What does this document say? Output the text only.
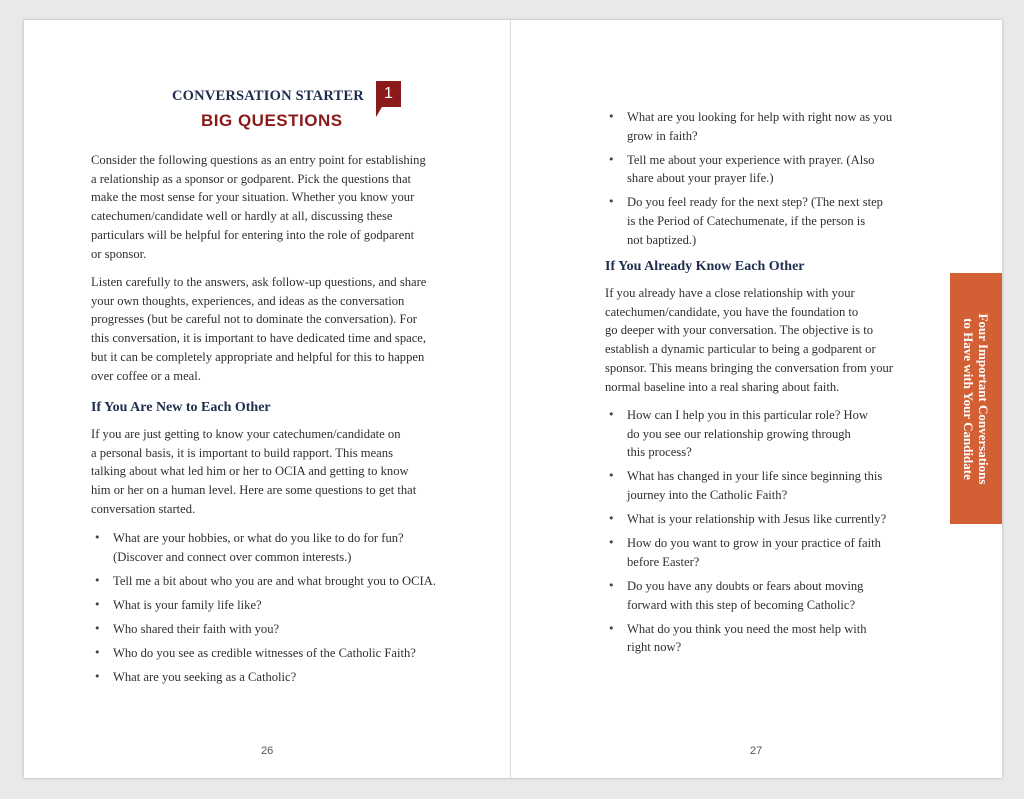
CONVERSATION STARTER	1
BIG QUESTIONS

Consider the following questions as an entry point for establishing
a relationship as a sponsor or godparent. Pick the questions that
make the most sense for your situation. Whether you know your
catechumen/candidate well or hardly at all, discussing these
particulars will be helpful for entering into the role of godparent
or sponsor.

Listen carefully to the answers, ask follow-up questions, and share
your own thoughts, experiences, and ideas as the conversation
progresses (but be careful not to dominate the conversation). For
this conversation, it is important to have dedicated time and space,
but it can be completely appropriate and helpful for this to happen
over coffee or a meal.

If You Are New to Each Other

If you are just getting to know your catechumen/candidate on
a personal basis, it is important to build rapport. This means
talking about what led him or her to OCIA and getting to know
him or her on a human level. Here are some questions to get that
conversation started.

• What are your hobbies, or what do you like to do for fun?
(Discover and connect over common interests.)
• Tell me a bit about who you are and what brought you to OCIA.
• What is your family life like?
• Who shared their faith with you?
• Who do you see as credible witnesses of the Catholic Faith?
• What are you seeking as a Catholic?
26
• What are you looking for help with right now as you
grow in faith?
• Tell me about your experience with prayer. (Also
share about your prayer life.)
• Do you feel ready for the next step? (The next step
is the Period of Catechumenate, if the person is
not baptized.)
If You Already Know Each Other

If you already have a close relationship with your
catechumen/candidate, you have the foundation to
go deeper with your conversation. The objective is to
establish a dynamic particular to being a godparent or
sponsor. This means bringing the conversation from your
normal baseline into a real sharing about faith.

• How can I help you in this particular role? How
do you see our relationship growing through
this process?
• What has changed in your life since beginning this
journey into the Catholic Faith?
• What is your relationship with Jesus like currently?
• How do you want to grow in your practice of faith
before Easter?
• Do you have any doubts or fears about moving
forward with this step of becoming Catholic?
• What do you think you need the most help with
right now?
27
Four Important Conversations
to Have with Your Candidate
